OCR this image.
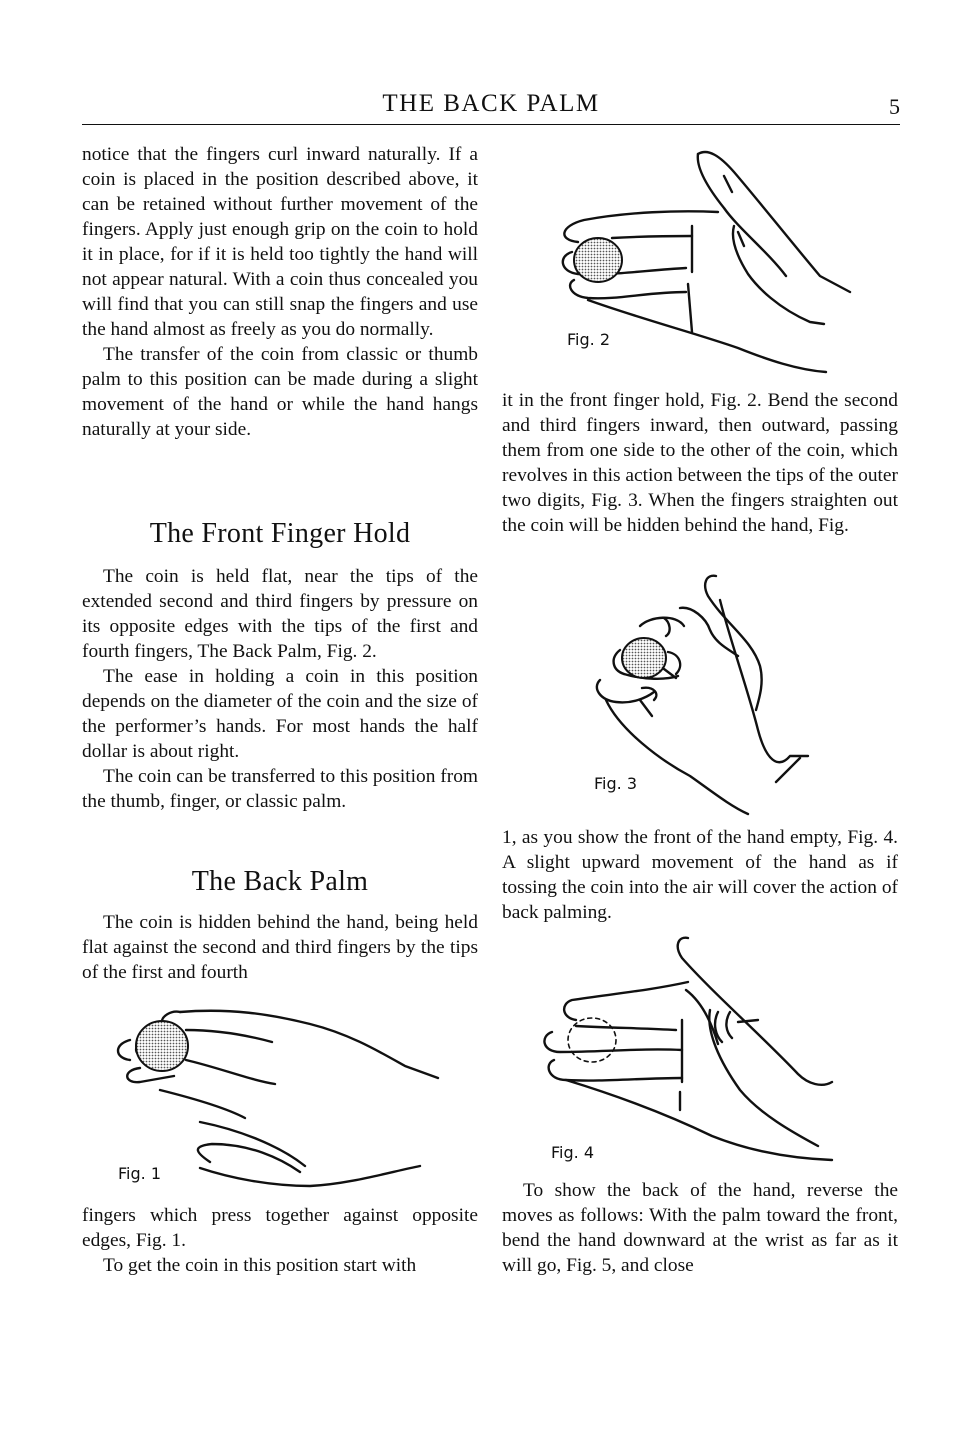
THE BACK PALM	5

notice that the fingers curl inward naturally. If a coin is placed in the position described above, it can be retained without further movement of the fingers. Apply just enough grip on the coin to hold it in place, for if it is held too tightly the hand will not appear natural. With a coin thus concealed you will find that you can still snap the fingers and use the hand almost as freely as you do normally.

The transfer of the coin from classic or thumb palm to this position can be made during a slight movement of the hand or while the hand hangs naturally at your side.

The Front Finger Hold

The coin is held flat, near the tips of the extended second and third fingers by pressure on its opposite edges with the tips of the first and fourth fingers, The Back Palm, Fig. 2.

The ease in holding a coin in this position depends on the diameter of the coin and the size of the performer’s hands. For most hands the half dollar is about right.

The coin can be transferred to this position from the thumb, finger, or classic palm.

The Back Palm

The coin is hidden behind the hand, being held flat against the second and third fingers by the tips of the first and fourth

Fig. 1

fingers which press together against opposite edges, Fig. 1.

To get the coin in this position start with

Fig. 2

it in the front finger hold, Fig. 2. Bend the second and third fingers inward, then outward, passing them from one side to the other of the coin, which revolves in this action between the tips of the outer two digits, Fig. 3. When the fingers straighten out the coin will be hidden behind the hand, Fig.

Fig. 3

1, as you show the front of the hand empty, Fig. 4. A slight upward movement of the hand as if tossing the coin into the air will cover the action of back palming.

Fig. 4

To show the back of the hand, reverse the moves as follows: With the palm toward the front, bend the hand downward at the wrist as far as it will go, Fig. 5, and close
